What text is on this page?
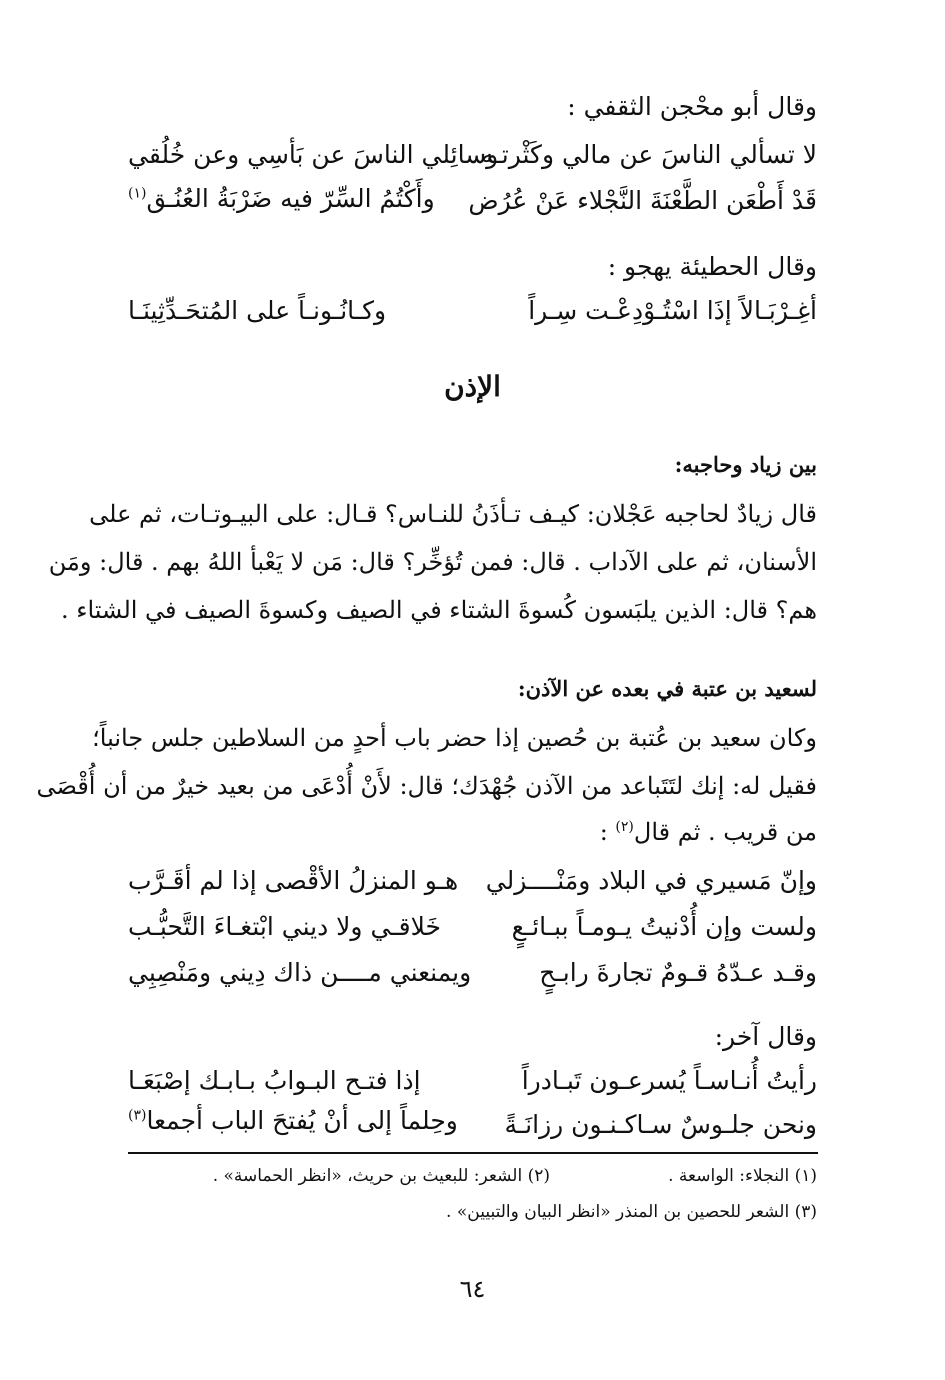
وقال أبو محْجن الثقفي :
لا تسألي الناسَ عن مالي وكَثْرتـه
وسائِلي الناسَ عن بَأسِي وعن خُلُقي
قَدْ أَطْعَن الطَّعْنَةَ النَّجْلاء عَنْ عُرُض
وأَكْتُمُ السِّرّ فيه ضَرْبَةُ العُنُـق$^{(١)}$
وقال الحطيئة يهجو :
أغِـرْبَـالاً إذَا اسْتُـوْدِعْـت سِـراً
وكـانُـونـاً على المُتحَـدِّثِينَـا
الإذن
بين زياد وحاجبه:
قال زيادٌ لحاجبه عَجْلان: كيـف تـأذَنُ للنـاس؟ قـال: على البيـوتـات، ثم على
الأسنان، ثم على الآداب . قال: فمن تُؤخِّر؟ قال: مَن لا يَعْبأ اللهُ بهم . قال: ومَن
هم؟ قال: الذين يلبَسون كُسوةَ الشتاء في الصيف وكسوةَ الصيف في الشتاء .
لسعيد بن عتبة في بعده عن الآذن:
وكان سعيد بن عُتبة بن حُصين إذا حضر باب أحدٍ من السلاطين جلس جانباً؛
فقيل له: إنك لتَتَباعد من الآذن جُهْدَك؛ قال: لأَنْ أُدْعَى من بعيد خيرٌ من أن أُقْصَى
من قريب . ثم قال$^{(٢)}$ :
وإنّ مَسيري في البلاد ومَنْــــزلي
هـو المنزلُ الأقْصى إذا لم أقَـرَّب
ولست وإن أُدْنيتُ يـومـاً ببـائـعٍ
خَلاقـي ولا ديني ابْتغـاءَ التَّحبُّـب
وقـد عـدّهُ قـومٌ تجارةَ رابـحٍ
ويمنعني مــــن ذاك دِيني ومَنْصِبِي
وقال آخر:
رأيتُ أُنـاسـاً يُسرعـون تَبـادراً
إذا فتـح البـوابُ بـابـك إصْبَعَـا
ونحن جلـوسٌ سـاكـنـون رزانَـةً
وحِلماً إلى أنْ يُفتحَ الباب أجمعا$^{(٣)}$
(١) النجلاء: الواسعة .
(٢) الشعر: للبعيث بن حريث، «انظر الحماسة» .
(٣) الشعر للحصين بن المنذر «انظر البيان والتبيين» .
٦٤
